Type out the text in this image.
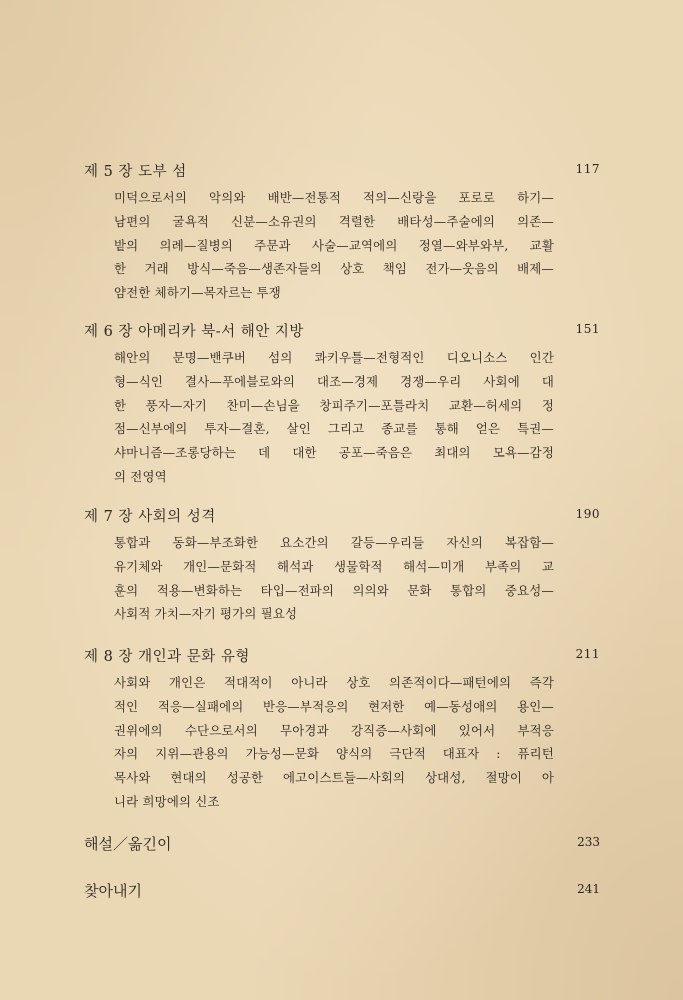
제 5 장 도부 섬	117
미덕으로서의 악의와 배반—전통적 적의—신랑을 포로로 하기—
남편의 굴욕적 신분—소유권의 격렬한 배타성—주술에의 의존—
밭의 의례—질병의 주문과 사술—교역에의 정열—와부와부, 교활
한 거래 방식—죽음—생존자들의 상호 책임 전가—웃음의 배제—
얌전한 체하기—목자르는 투쟁
제 6 장 아메리카 북-서 해안 지방	151
해안의 문명—밴쿠버 섬의 콰키우틀—전형적인 디오니소스 인간
형—식인 결사—푸에블로와의 대조—경제 경쟁—우리 사회에 대
한 풍자—자기 찬미—손님을 창피주기—포틀라치 교환—허세의 정
점—신부에의 투자—결혼, 살인 그리고 종교를 통해 얻은 특권—
샤마니즘—조롱당하는 데 대한 공포—죽음은 최대의 모욕—감정
의 전영역
제 7 장 사회의 성격	190
통합과 동화—부조화한 요소간의 갈등—우리들 자신의 복잡함—
유기체와 개인—문화적 해석과 생물학적 해석—미개 부족의 교
훈의 적용—변화하는 타입—전파의 의의와 문화 통합의 중요성—
사회적 가치—자기 평가의 필요성
제 8 장 개인과 문화 유형	211
사회와 개인은 적대적이 아니라 상호 의존적이다—패턴에의 즉각
적인 적응—실패에의 반응—부적응의 현저한 예—동성애의 용인—
권위에의 수단으로서의 무아경과 강직증—사회에 있어서 부적응
자의 지위—관용의 가능성—문화 양식의 극단적 대표자 : 퓨리턴
목사와 현대의 성공한 에고이스트들—사회의 상대성, 절망이 아
니라 희망에의 신조
해설／옮긴이	233
찾아내기	241
